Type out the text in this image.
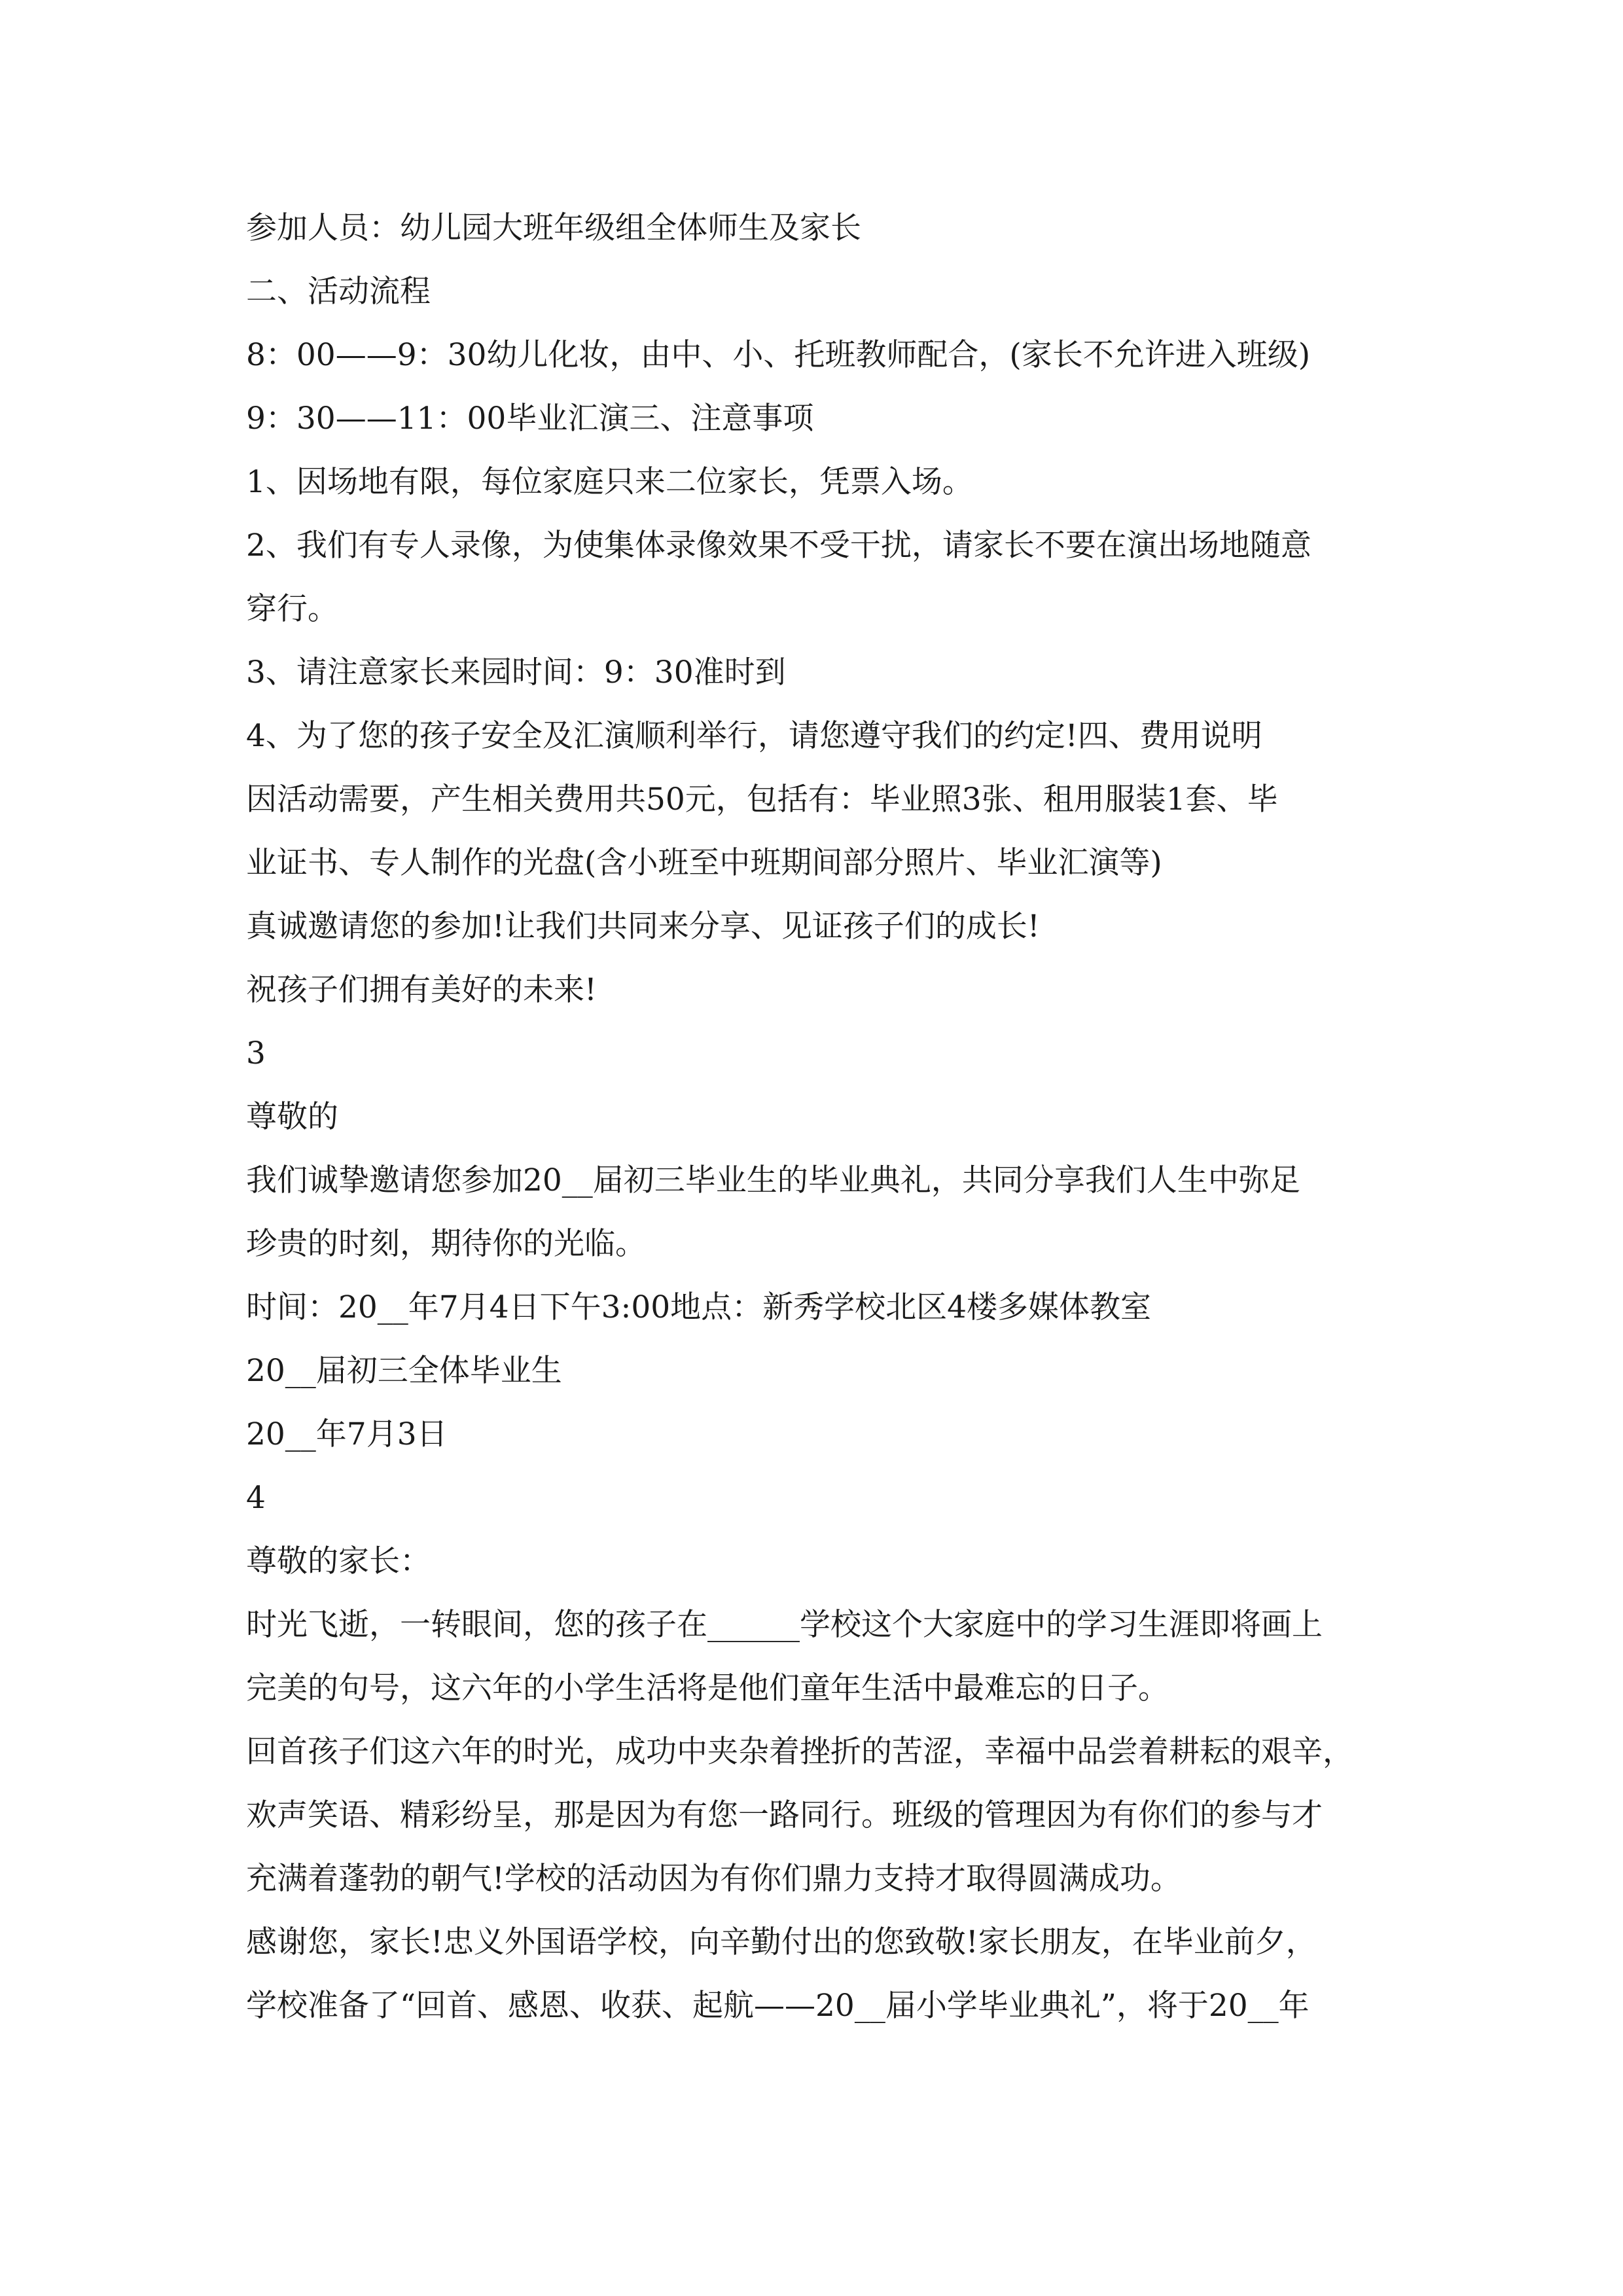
参加人员：幼儿园大班年级组全体师生及家长
二、活动流程
8：00——9：30幼儿化妆，由中、小、托班教师配合，(家长不允许进入班级)
9：30——11：00毕业汇演三、注意事项
1、因场地有限，每位家庭只来二位家长，凭票入场。
2、我们有专人录像，为使集体录像效果不受干扰，请家长不要在演出场地随意
穿行。
3、请注意家长来园时间：9：30准时到
4、为了您的孩子安全及汇演顺利举行，请您遵守我们的约定!四、费用说明
因活动需要，产生相关费用共50元，包括有：毕业照3张、租用服装1套、毕
业证书、专人制作的光盘(含小班至中班期间部分照片、毕业汇演等)
真诚邀请您的参加!让我们共同来分享、见证孩子们的成长!
祝孩子们拥有美好的未来!
3
尊敬的
我们诚挚邀请您参加20__届初三毕业生的毕业典礼，共同分享我们人生中弥足
珍贵的时刻，期待你的光临。
时间：20__年7月4日下午3:00地点：新秀学校北区4楼多媒体教室
20__届初三全体毕业生
20__年7月3日
4
尊敬的家长：
时光飞逝，一转眼间，您的孩子在______学校这个大家庭中的学习生涯即将画上
完美的句号，这六年的小学生活将是他们童年生活中最难忘的日子。
回首孩子们这六年的时光，成功中夹杂着挫折的苦涩，幸福中品尝着耕耘的艰辛，
欢声笑语、精彩纷呈，那是因为有您一路同行。班级的管理因为有你们的参与才
充满着蓬勃的朝气!学校的活动因为有你们鼎力支持才取得圆满成功。
感谢您，家长!忠义外国语学校，向辛勤付出的您致敬!家长朋友，在毕业前夕，
学校准备了“回首、感恩、收获、起航——20__届小学毕业典礼”，将于20__年
